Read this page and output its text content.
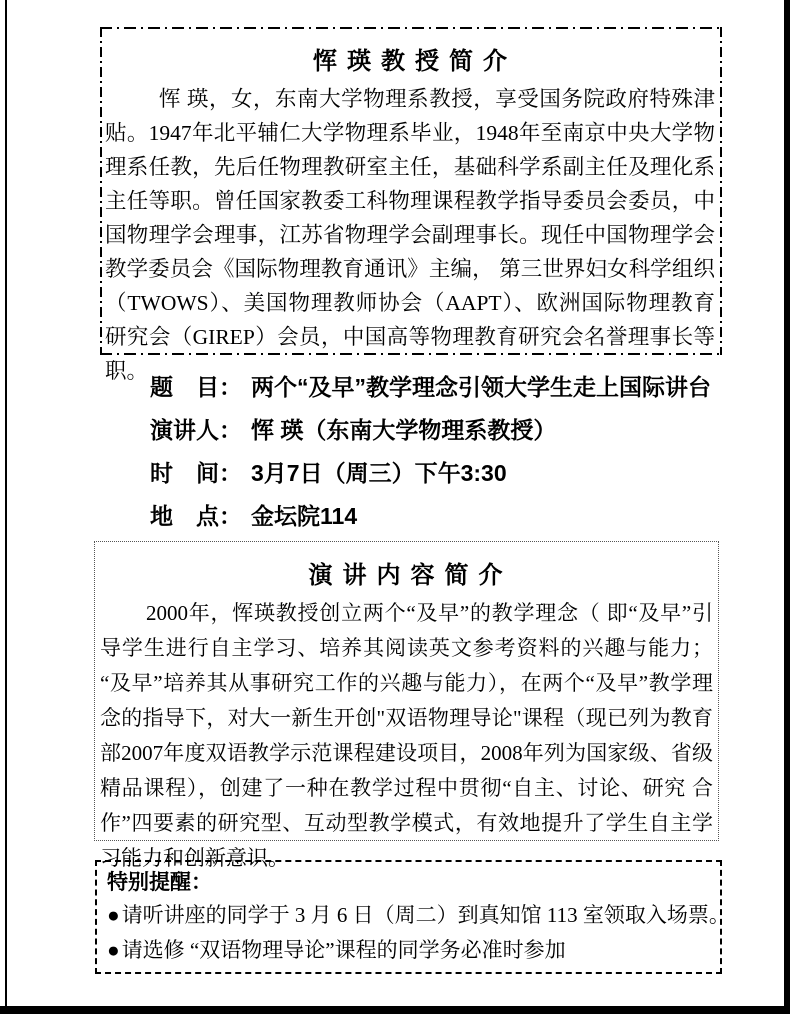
恽 瑛 教 授 简 介

恽 瑛，女，东南大学物理系教授，享受国务院政府特殊津贴。1947年北平辅仁大学物理系毕业，1948年至南京中央大学物理系任教，先后任物理教研室主任，基础科学系副主任及理化系主任等职。曾任国家教委工科物理课程教学指导委员会委员，中国物理学会理事，江苏省物理学会副理事长。现任中国物理学会教学委员会《国际物理教育通讯》主编， 第三世界妇女科学组织（TWOWS）、美国物理教师协会（AAPT）、欧洲国际物理教育研究会（GIREP）会员，中国高等物理教育研究会名誉理事长等职。

题　目： 两个“及早”教学理念引领大学生走上国际讲台
演讲人： 恽 瑛（东南大学物理系教授）
时　间： 3月7日（周三）下午3:30
地　点： 金坛院114
演 讲 内 容 简 介

2000年，恽瑛教授创立两个“及早”的教学理念（ 即“及早”引导学生进行自主学习、培养其阅读英文参考资料的兴趣与能力； “及早”培养其从事研究工作的兴趣与能力），在两个“及早”教学理念的指导下，对大一新生开创"双语物理导论"课程（现已列为教育部2007年度双语教学示范课程建设项目，2008年列为国家级、省级精品课程），创建了一种在教学过程中贯彻“自主、讨论、研究 合作”四要素的研究型、互动型教学模式，有效地提升了学生自主学习能力和创新意识。

特别提醒：
●请听讲座的同学于 3 月 6 日（周二）到真知馆 113 室领取入场票。
●请选修 “双语物理导论”课程的同学务必准时参加
